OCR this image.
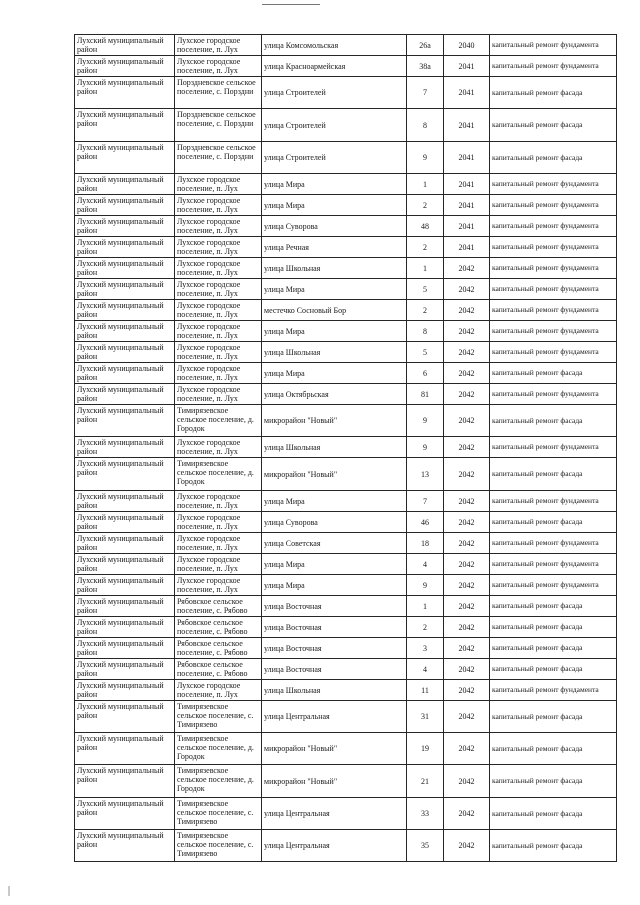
Лухский муниципальный район	Лухское городское поселение, п. Лух	улица Комсомольская	26а	2040	капитальный ремонт фундамента
Лухский муниципальный район	Лухское городское поселение, п. Лух	улица Красноармейская	38а	2041	капитальный ремонт фундамента
Лухский муниципальный район	Порздневское сельское поселение, с. Порздни	улица Строителей	7	2041	капитальный ремонт фасада
Лухский муниципальный район	Порздневское сельское поселение, с. Порздни	улица Строителей	8	2041	капитальный ремонт фасада
Лухский муниципальный район	Порздневское сельское поселение, с. Порздни	улица Строителей	9	2041	капитальный ремонт фасада
Лухский муниципальный район	Лухское городское поселение, п. Лух	улица Мира	1	2041	капитальный ремонт фундамента
Лухский муниципальный район	Лухское городское поселение, п. Лух	улица Мира	2	2041	капитальный ремонт фундамента
Лухский муниципальный район	Лухское городское поселение, п. Лух	улица Суворова	48	2041	капитальный ремонт фундамента
Лухский муниципальный район	Лухское городское поселение, п. Лух	улица Речная	2	2041	капитальный ремонт фундамента
Лухский муниципальный район	Лухское городское поселение, п. Лух	улица Школьная	1	2042	капитальный ремонт фундамента
Лухский муниципальный район	Лухское городское поселение, п. Лух	улица Мира	5	2042	капитальный ремонт фундамента
Лухский муниципальный район	Лухское городское поселение, п. Лух	местечко Сосновый Бор	2	2042	капитальный ремонт фундамента
Лухский муниципальный район	Лухское городское поселение, п. Лух	улица Мира	8	2042	капитальный ремонт фундамента
Лухский муниципальный район	Лухское городское поселение, п. Лух	улица Школьная	5	2042	капитальный ремонт фундамента
Лухский муниципальный район	Лухское городское поселение, п. Лух	улица Мира	6	2042	капитальный ремонт фасада
Лухский муниципальный район	Лухское городское поселение, п. Лух	улица Октябрьская	81	2042	капитальный ремонт фундамента
Лухский муниципальный район	Тимирязевское сельское поселение, д. Городок	микрорайон "Новый"	9	2042	капитальный ремонт фасада
Лухский муниципальный район	Лухское городское поселение, п. Лух	улица Школьная	9	2042	капитальный ремонт фундамента
Лухский муниципальный район	Тимирязевское сельское поселение, д. Городок	микрорайон "Новый"	13	2042	капитальный ремонт фасада
Лухский муниципальный район	Лухское городское поселение, п. Лух	улица Мира	7	2042	капитальный ремонт фундамента
Лухский муниципальный район	Лухское городское поселение, п. Лух	улица Суворова	46	2042	капитальный ремонт фасада
Лухский муниципальный район	Лухское городское поселение, п. Лух	улица Советская	18	2042	капитальный ремонт фундамента
Лухский муниципальный район	Лухское городское поселение, п. Лух	улица Мира	4	2042	капитальный ремонт фундамента
Лухский муниципальный район	Лухское городское поселение, п. Лух	улица Мира	9	2042	капитальный ремонт фундамента
Лухский муниципальный район	Рябовское сельское поселение, с. Рябово	улица Восточная	1	2042	капитальный ремонт фасада
Лухский муниципальный район	Рябовское сельское поселение, с. Рябово	улица Восточная	2	2042	капитальный ремонт фасада
Лухский муниципальный район	Рябовское сельское поселение, с. Рябово	улица Восточная	3	2042	капитальный ремонт фасада
Лухский муниципальный район	Рябовское сельское поселение, с. Рябово	улица Восточная	4	2042	капитальный ремонт фасада
Лухский муниципальный район	Лухское городское поселение, п. Лух	улица Школьная	11	2042	капитальный ремонт фундамента
Лухский муниципальный район	Тимирязевское сельское поселение, с. Тимирязево	улица Центральная	31	2042	капитальный ремонт фасада
Лухский муниципальный район	Тимирязевское сельское поселение, д. Городок	микрорайон "Новый"	19	2042	капитальный ремонт фасада
Лухский муниципальный район	Тимирязевское сельское поселение, д. Городок	микрорайон "Новый"	21	2042	капитальный ремонт фасада
Лухский муниципальный район	Тимирязевское сельское поселение, с. Тимирязево	улица Центральная	33	2042	капитальный ремонт фасада
Лухский муниципальный район	Тимирязевское сельское поселение, с. Тимирязево	улица Центральная	35	2042	капитальный ремонт фасада
